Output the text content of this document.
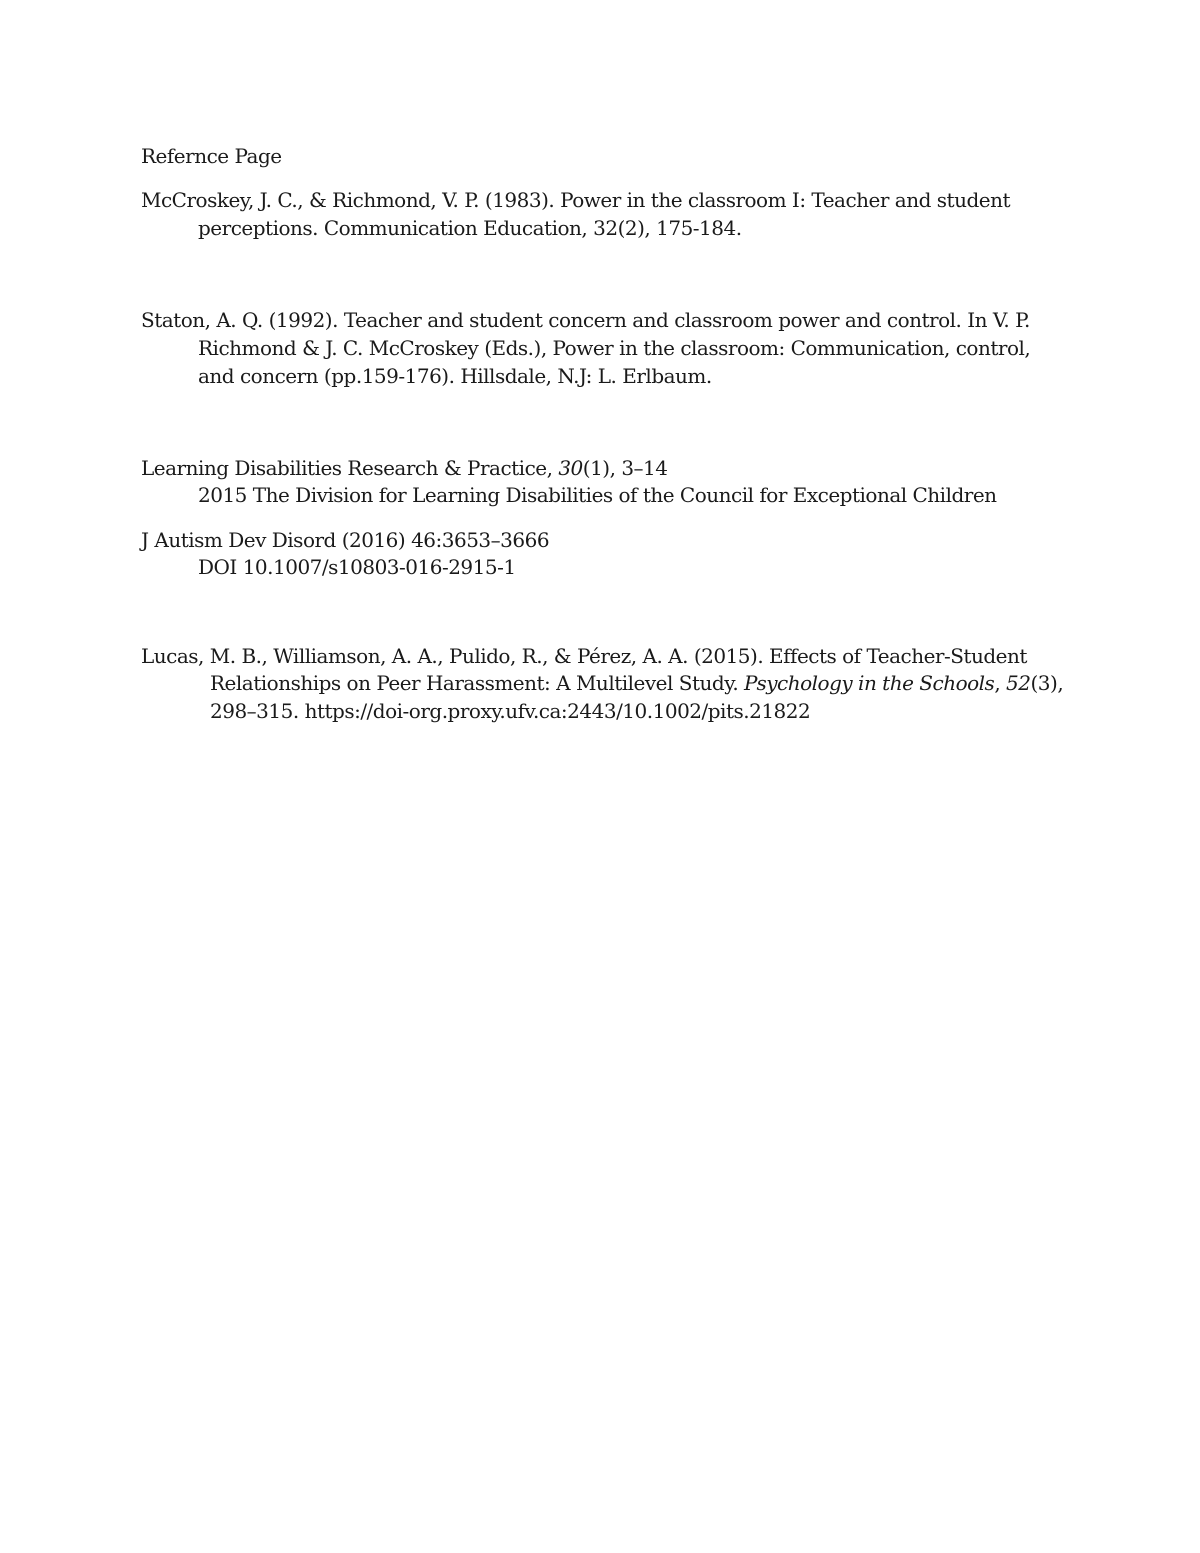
Refernce Page
McCroskey, J. C., & Richmond, V. P. (1983). Power in the classroom I: Teacher and student
perceptions. Communication Education, 32(2), 175-184.
Staton, A. Q. (1992). Teacher and student concern and classroom power and control. In V. P.
Richmond & J. C. McCroskey (Eds.), Power in the classroom: Communication, control,
and concern (pp.159-176). Hillsdale, N.J: L. Erlbaum.
Learning Disabilities Research & Practice, 30(1), 3–14
2015 The Division for Learning Disabilities of the Council for Exceptional Children
J Autism Dev Disord (2016) 46:3653–3666
DOI 10.1007/s10803-016-2915-1
Lucas, M. B., Williamson, A. A., Pulido, R., & Pérez, A. A. (2015). Effects of Teacher-Student
Relationships on Peer Harassment: A Multilevel Study. Psychology in the Schools, 52(3),
298–315. https://doi-org.proxy.ufv.ca:2443/10.1002/pits.21822
